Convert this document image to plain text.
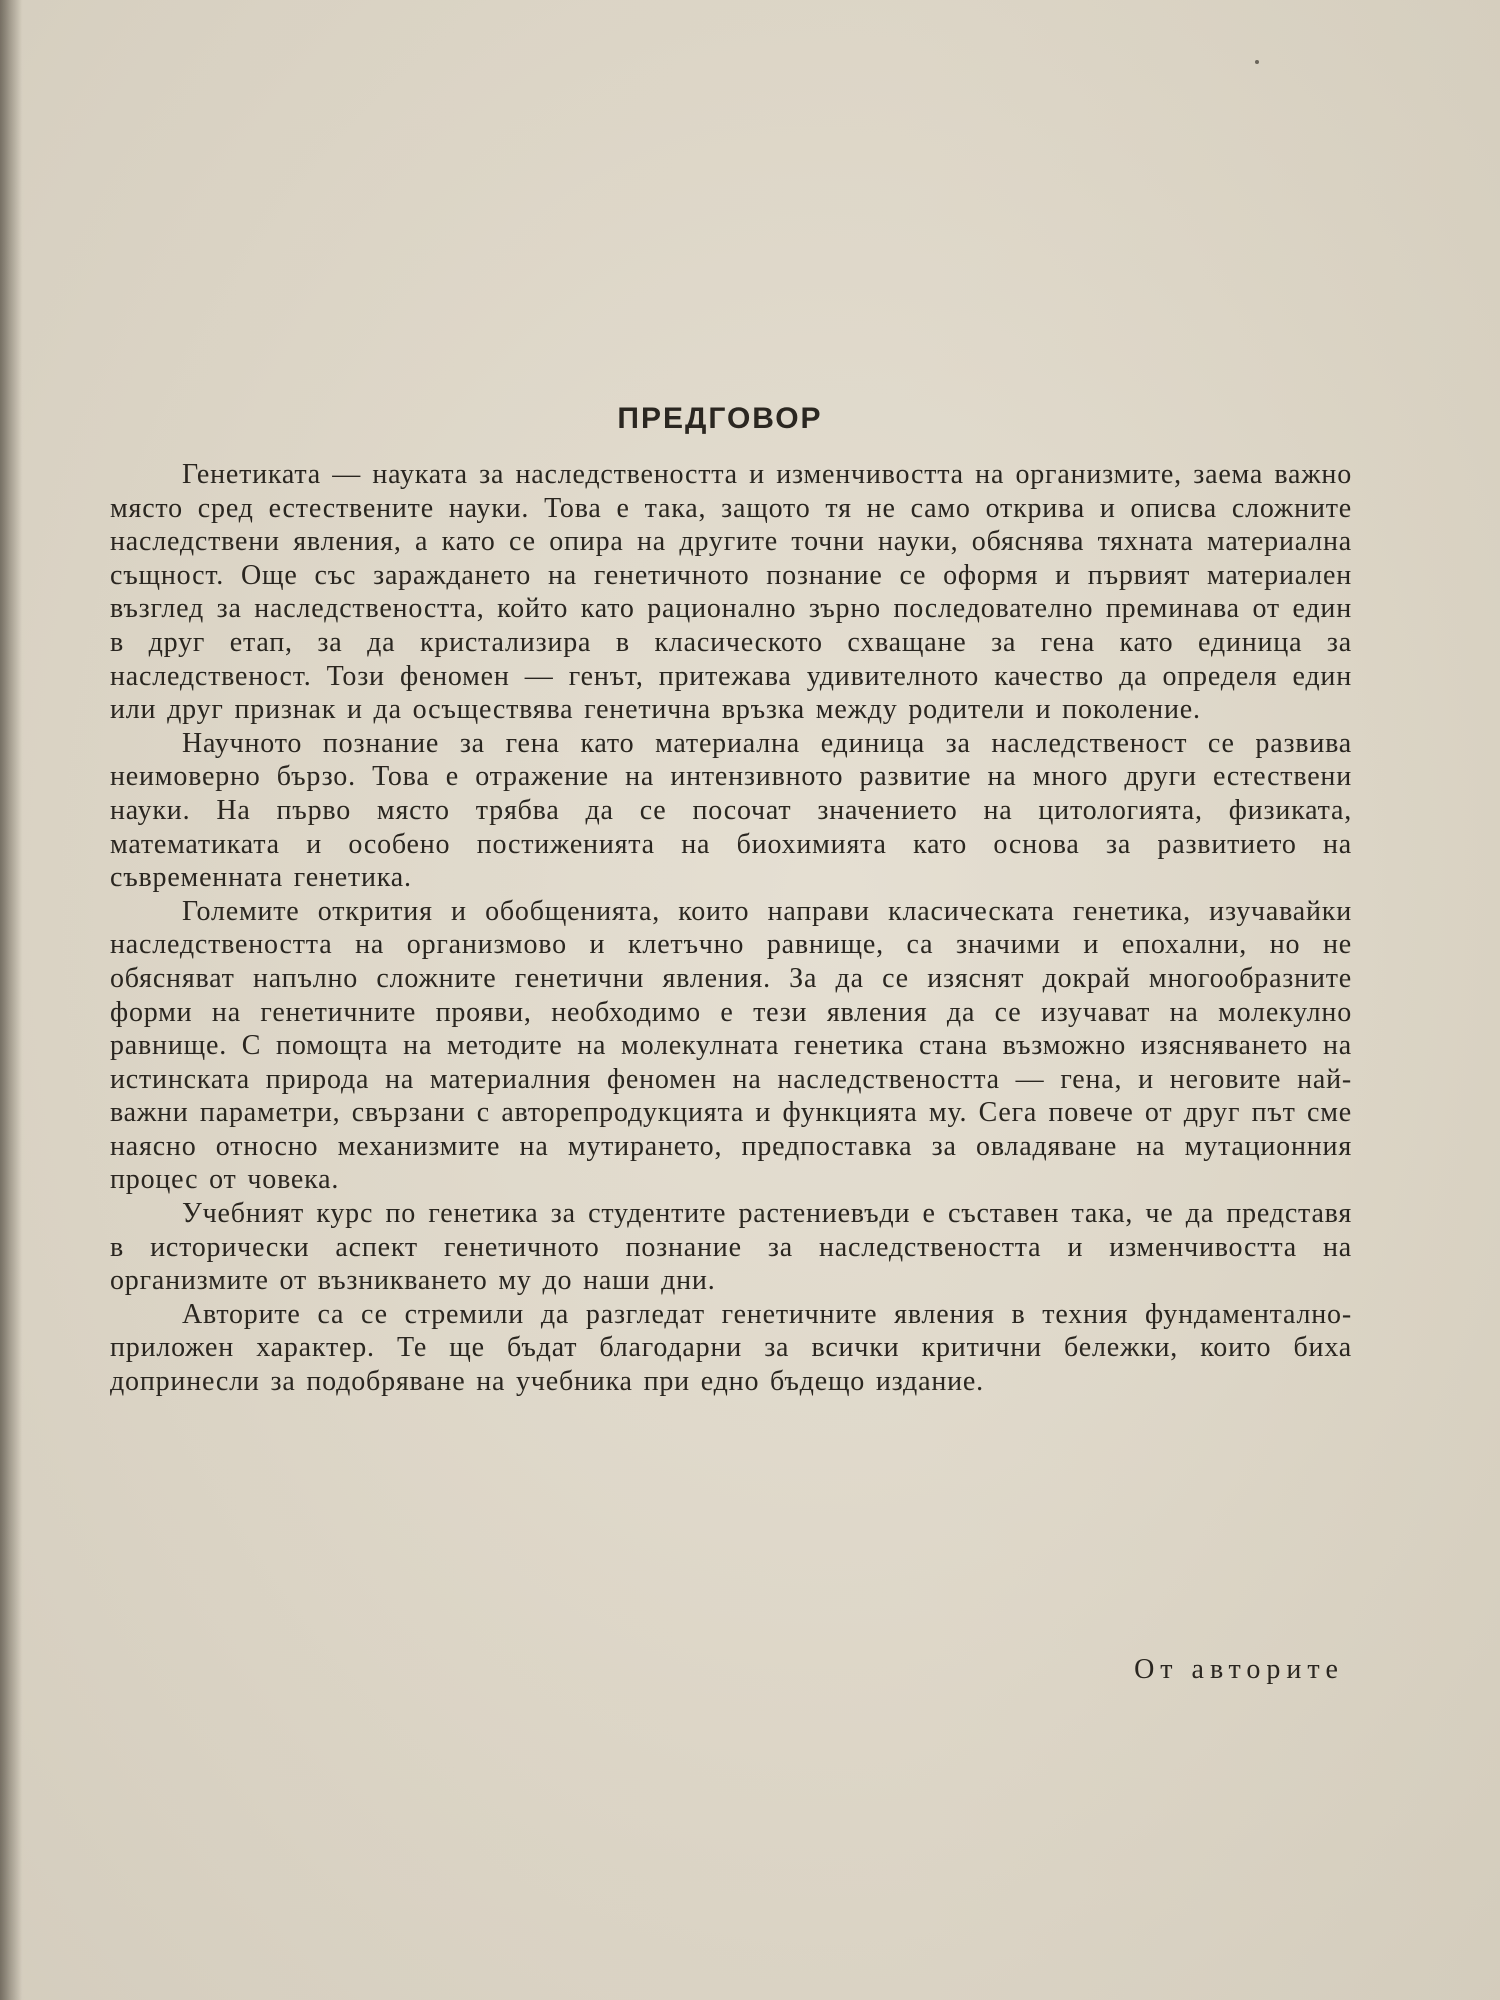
ПРЕДГОВОР

Генетиката — науката за наследствеността и изменчивостта на организмите, заема важно място сред естествените науки. Това е така, защото тя не само открива и описва сложните наследствени явления, а като се опира на другите точни науки, обяснява тяхната материална същност. Още със зараждането на генетичното познание се оформя и първият материален възглед за наследствеността, който като рационално зърно последователно преминава от един в друг етап, за да кристализира в класическото схващане за гена като единица за наследственост. Този феномен — генът, притежава удивителното качество да определя един или друг признак и да осъществява генетична връзка между родители и поколение.

Научното познание за гена като материална единица за наследственост се развива неимоверно бързо. Това е отражение на интензивното развитие на много други естествени науки. На първо място трябва да се посочат значението на цитологията, физиката, математиката и особено постиженията на биохимията като основа за развитието на съвременната генетика.

Големите открития и обобщенията, които направи класическата генетика, изучавайки наследствеността на организмово и клетъчно равнище, са значими и епохални, но не обясняват напълно сложните генетични явления. За да се изяснят докрай многообразните форми на генетичните прояви, необходимо е тези явления да се изучават на молекулно равнище. С помощта на методите на молекулната генетика стана възможно изясняването на истинската природа на материалния феномен на наследствеността — гена, и неговите най-важни параметри, свързани с авторепродукцията и функцията му. Сега повече от друг път сме наясно относно механизмите на мутирането, предпоставка за овладяване на мутационния процес от човека.

Учебният курс по генетика за студентите растениевъди е съставен така, че да представя в исторически аспект генетичното познание за наследствеността и изменчивостта на организмите от възникването му до наши дни.

Авторите са се стремили да разгледат генетичните явления в техния фундаментално-приложен характер. Те ще бъдат благодарни за всички критични бележки, които биха допринесли за подобряване на учебника при едно бъдещо издание.

От авторите
